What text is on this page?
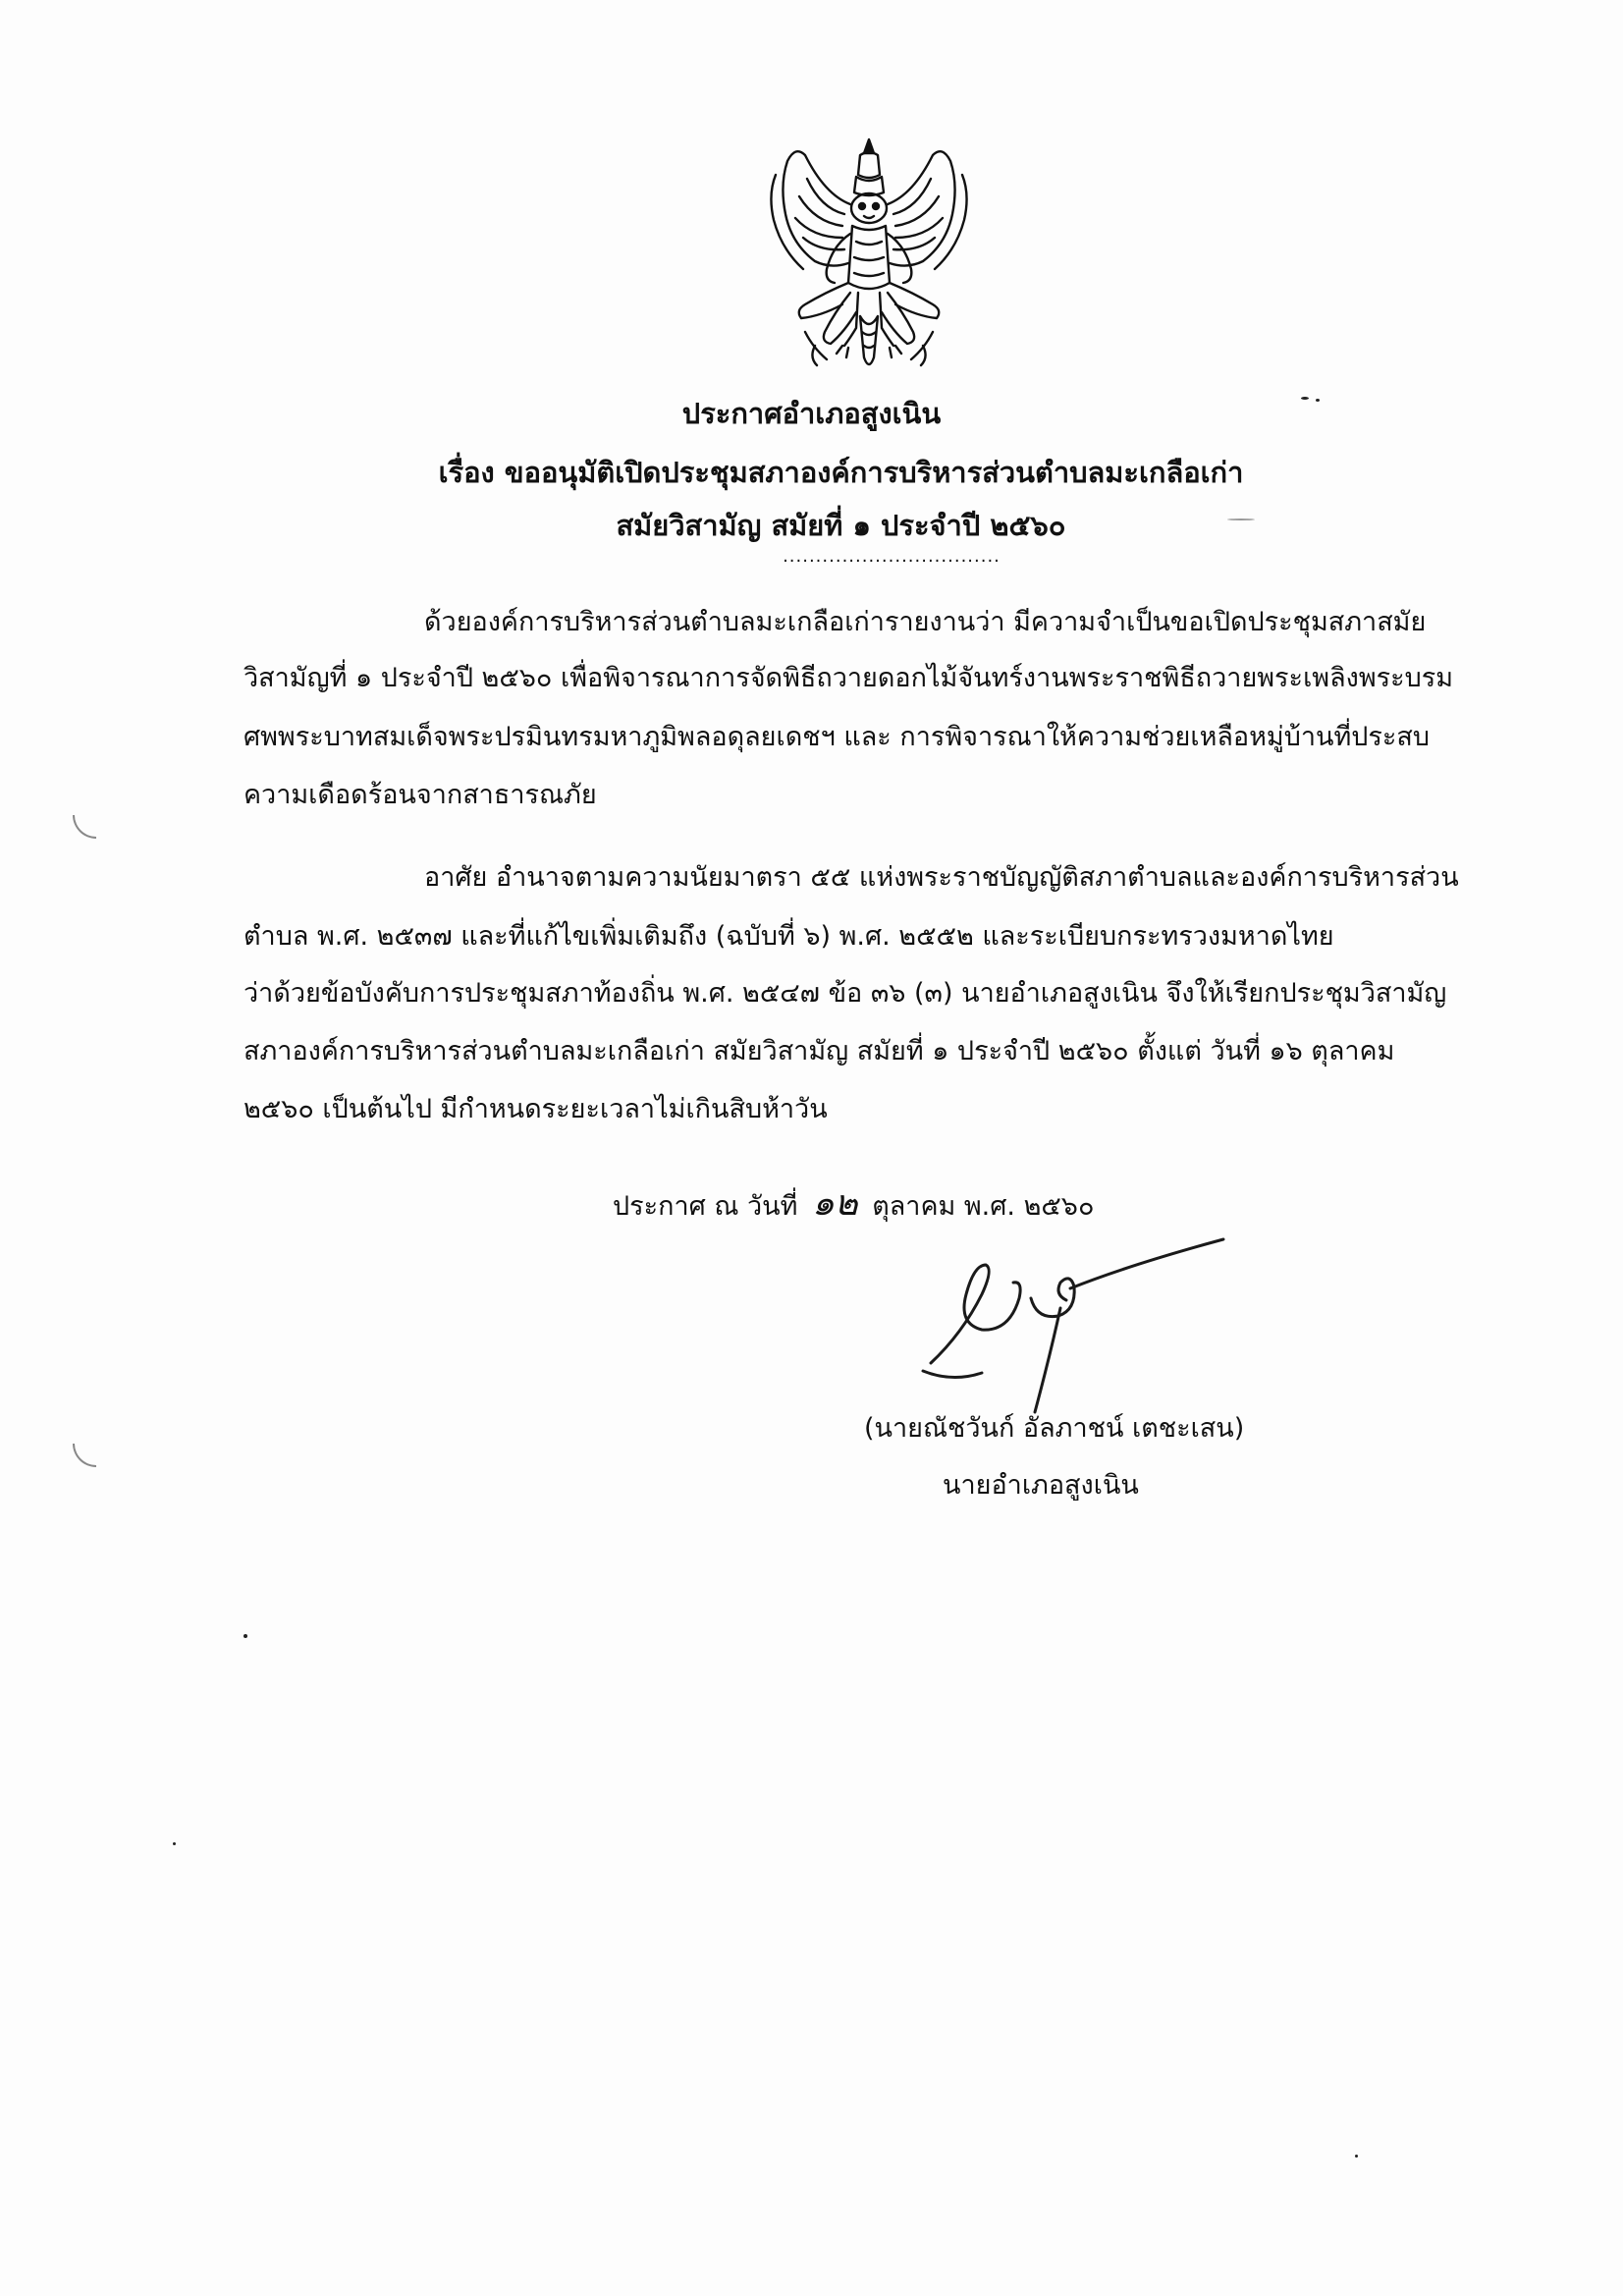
ประกาศอำเภอสูงเนิน
เรื่อง ขออนุมัติเปิดประชุมสภาองค์การบริหารส่วนตำบลมะเกลือเก่า
สมัยวิสามัญ สมัยที่ ๑ ประจำปี ๒๕๖๐
.................................
ด้วยองค์การบริหารส่วนตำบลมะเกลือเก่ารายงานว่า มีความจำเป็นขอเปิดประชุมสภาสมัย
วิสามัญที่ ๑ ประจำปี ๒๕๖๐ เพื่อพิจารณาการจัดพิธีถวายดอกไม้จันทร์งานพระราชพิธีถวายพระเพลิงพระบรม
ศพพระบาทสมเด็จพระปรมินทรมหาภูมิพลอดุลยเดชฯ และ การพิจารณาให้ความช่วยเหลือหมู่บ้านที่ประสบ
ความเดือดร้อนจากสาธารณภัย
อาศัย อำนาจตามความนัยมาตรา ๕๕ แห่งพระราชบัญญัติสภาตำบลและองค์การบริหารส่วน
ตำบล พ.ศ. ๒๕๓๗ และที่แก้ไขเพิ่มเติมถึง (ฉบับที่ ๖) พ.ศ. ๒๕๕๒ และระเบียบกระทรวงมหาดไทย
ว่าด้วยข้อบังคับการประชุมสภาท้องถิ่น พ.ศ. ๒๕๔๗ ข้อ ๓๖ (๓) นายอำเภอสูงเนิน จึงให้เรียกประชุมวิสามัญ
สภาองค์การบริหารส่วนตำบลมะเกลือเก่า สมัยวิสามัญ สมัยที่ ๑ ประจำปี ๒๕๖๐ ตั้งแต่ วันที่ ๑๖ ตุลาคม
๒๕๖๐ เป็นต้นไป มีกำหนดระยะเวลาไม่เกินสิบห้าวัน
ประกาศ ณ วันที่ ๑๒ ตุลาคม พ.ศ. ๒๕๖๐
(นายณัชวันก์ อัลภาชน์ เตชะเสน)
นายอำเภอสูงเนิน
